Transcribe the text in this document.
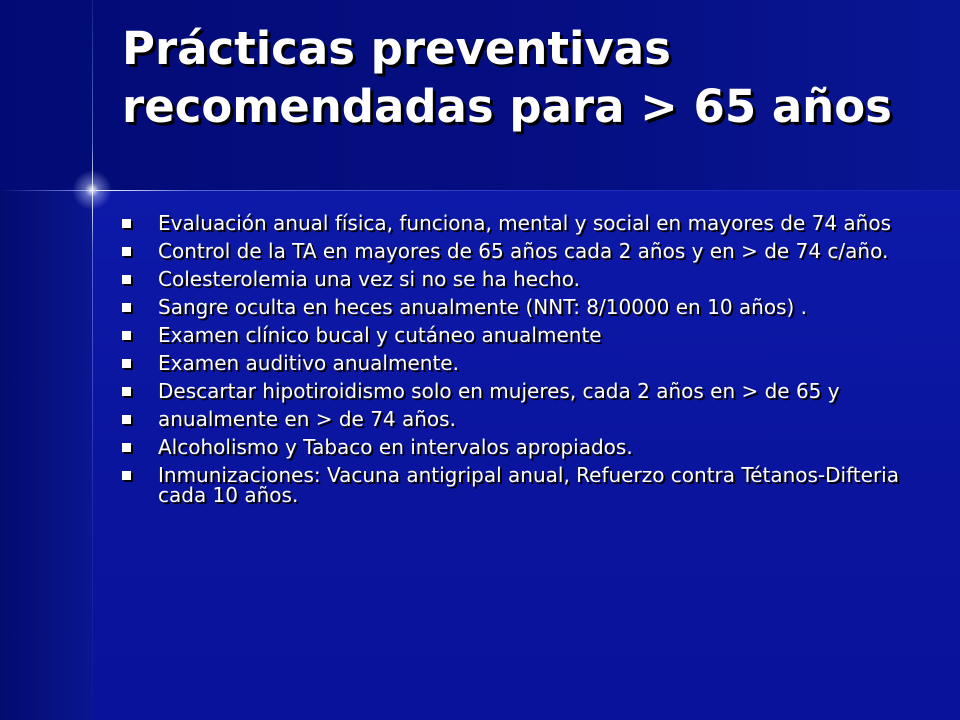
Prácticas preventivas recomendadas para > 65 años
Evaluación anual física, funciona, mental y social en mayores de 74 años
Control de la TA en mayores de 65 años cada 2 años y en > de 74 c/año.
Colesterolemia una vez si no se ha hecho.
Sangre oculta en heces anualmente (NNT: 8/10000 en 10 años) .
Examen clínico bucal y cutáneo anualmente
Examen auditivo anualmente.
Descartar hipotiroidismo solo en mujeres, cada 2 años en > de 65 y
anualmente en > de 74 años.
Alcoholismo y Tabaco en intervalos apropiados.
Inmunizaciones: Vacuna antigripal anual, Refuerzo contra Tétanos-Difteria cada 10 años.
